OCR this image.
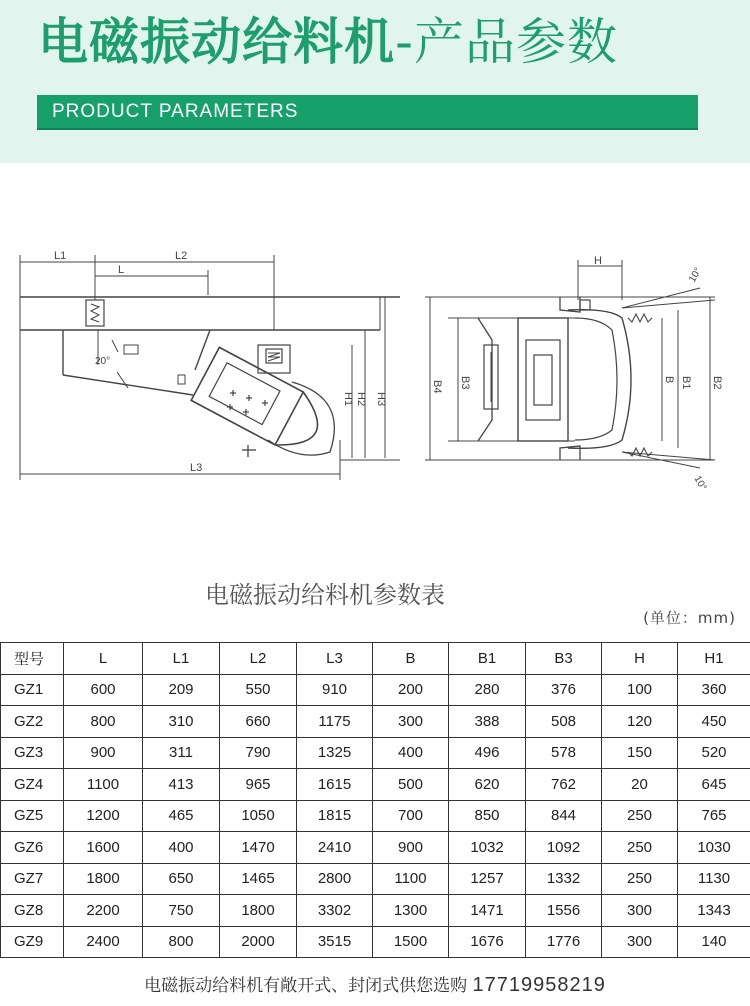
电磁振动给料机-产品参数
PRODUCT PARAMETERS
L1	L2
L
L3
H1 H2 H3
20°
H
B4 B3	B B1 B2
10°
10°
电磁振动给料机参数表
(单位：mm)
型号	L	L1	L2	L3	B	B1	B3	H	H1
GZ1	600	209	550	910	200	280	376	100	360
GZ2	800	310	660	1175	300	388	508	120	450
GZ3	900	311	790	1325	400	496	578	150	520
GZ4	1100	413	965	1615	500	620	762	20	645
GZ5	1200	465	1050	1815	700	850	844	250	765
GZ6	1600	400	1470	2410	900	1032	1092	250	1030
GZ7	1800	650	1465	2800	1100	1257	1332	250	1130
GZ8	2200	750	1800	3302	1300	1471	1556	300	1343
GZ9	2400	800	2000	3515	1500	1676	1776	300	140
电磁振动给料机有敞开式、封闭式供您选购 17719958219
